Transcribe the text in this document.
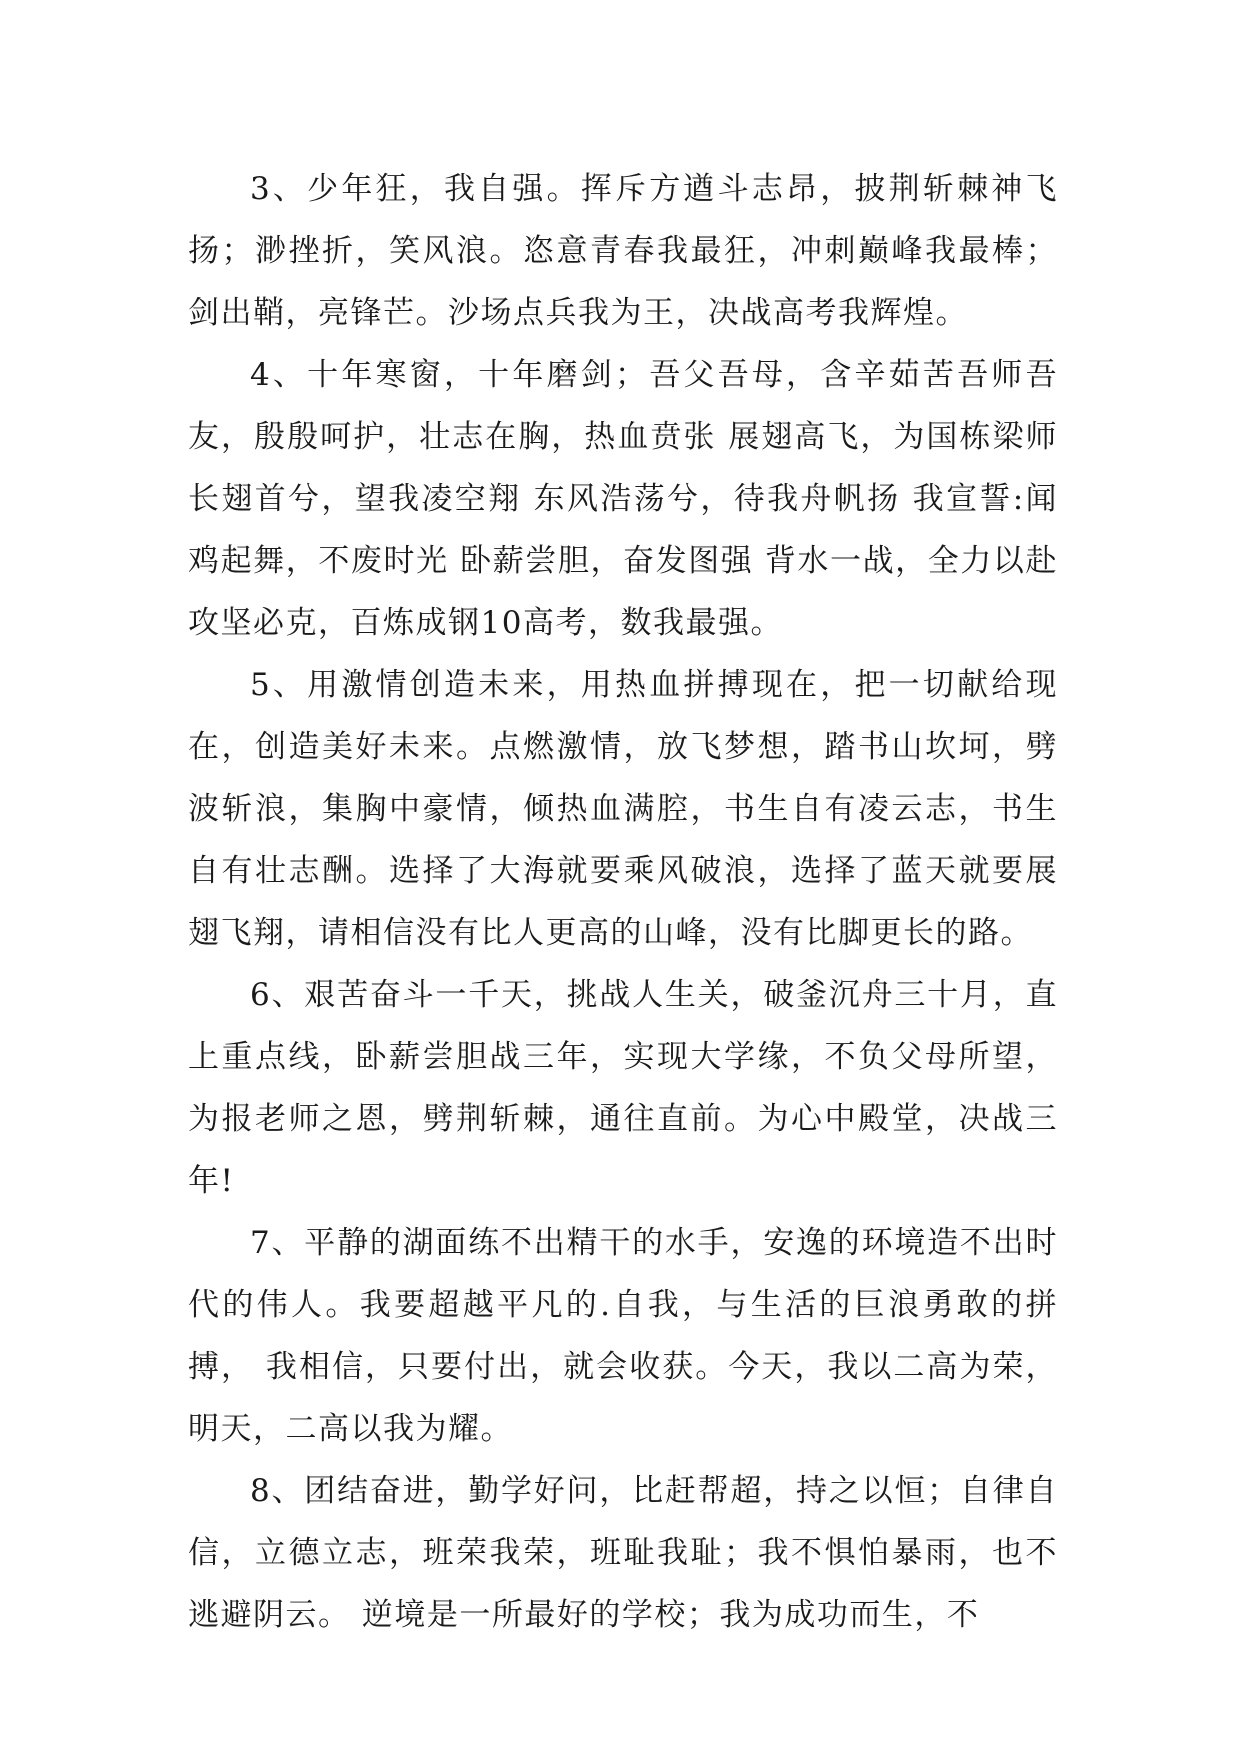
3、少年狂，我自强。挥斥方遒斗志昂，披荆斩棘神飞扬；渺挫折，笑风浪。恣意青春我最狂，冲刺巅峰我最棒；剑出鞘，亮锋芒。沙场点兵我为王，决战高考我辉煌。

4、十年寒窗，十年磨剑；吾父吾母，含辛茹苦吾师吾友，殷殷呵护，壮志在胸，热血贲张 展翅高飞，为国栋梁师长翅首兮，望我凌空翔 东风浩荡兮，待我舟帆扬 我宣誓:闻鸡起舞，不废时光 卧薪尝胆，奋发图强 背水一战，全力以赴攻坚必克，百炼成钢10高考，数我最强。

5、用激情创造未来，用热血拼搏现在，把一切献给现在，创造美好未来。点燃激情，放飞梦想，踏书山坎坷，劈波斩浪，集胸中豪情，倾热血满腔，书生自有凌云志，书生自有壮志酬。选择了大海就要乘风破浪，选择了蓝天就要展翅飞翔，请相信没有比人更高的山峰，没有比脚更长的路。

6、艰苦奋斗一千天，挑战人生关，破釜沉舟三十月，直上重点线，卧薪尝胆战三年，实现大学缘，不负父母所望，为报老师之恩，劈荆斩棘，通往直前。为心中殿堂，决战三年!

7、平静的湖面练不出精干的水手，安逸的环境造不出时代的伟人。我要超越平凡的.自我，与生活的巨浪勇敢的拼搏， 我相信，只要付出，就会收获。今天，我以二高为荣，明天，二高以我为耀。

8、团结奋进，勤学好问，比赶帮超，持之以恒；自律自信，立德立志，班荣我荣，班耻我耻；我不惧怕暴雨，也不逃避阴云。 逆境是一所最好的学校；我为成功而生，不
